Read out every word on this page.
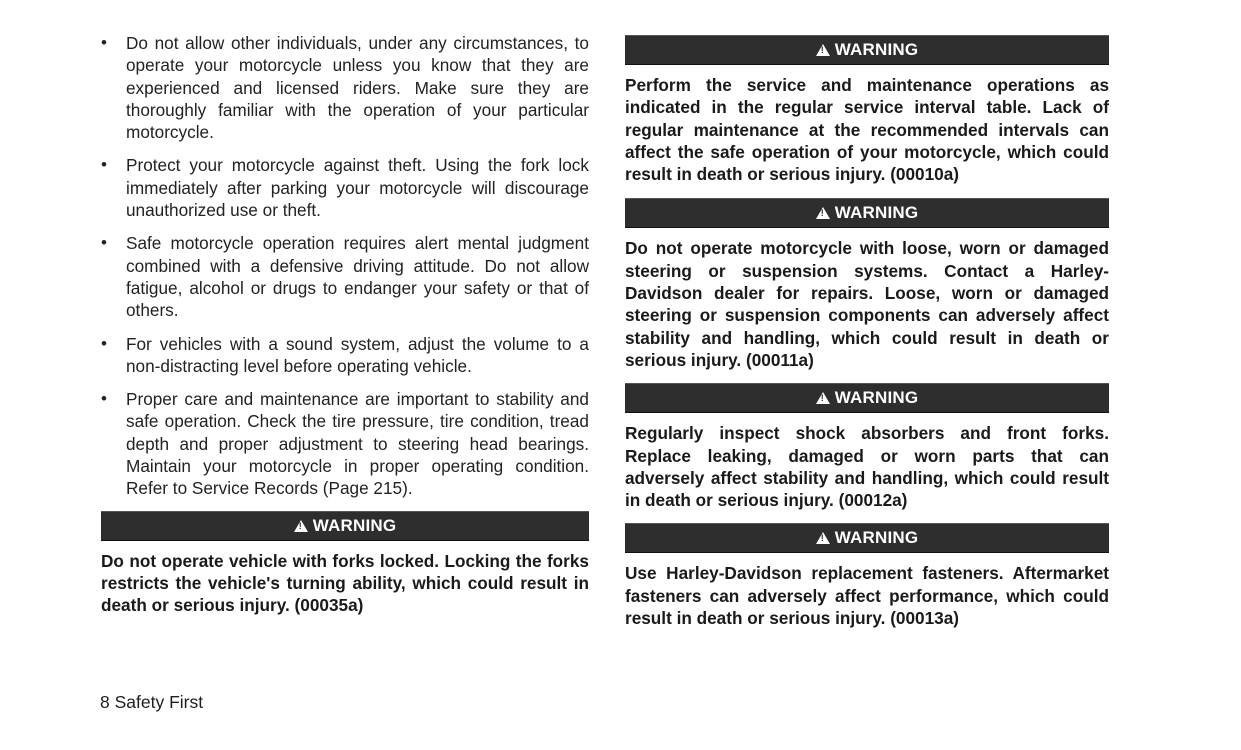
• Do not allow other individuals, under any circumstances, to operate your motorcycle unless you know that they are experienced and licensed riders. Make sure they are thoroughly familiar with the operation of your particular motorcycle.
• Protect your motorcycle against theft. Using the fork lock immediately after parking your motorcycle will discourage unauthorized use or theft.
• Safe motorcycle operation requires alert mental judgment combined with a defensive driving attitude. Do not allow fatigue, alcohol or drugs to endanger your safety or that of others.
• For vehicles with a sound system, adjust the volume to a non-distracting level before operating vehicle.
• Proper care and maintenance are important to stability and safe operation. Check the tire pressure, tire condition, tread depth and proper adjustment to steering head bearings. Maintain your motorcycle in proper operating condition. Refer to Service Records (Page 215).
!WARNING

Do not operate vehicle with forks locked. Locking the forks restricts the vehicle's turning ability, which could result in death or serious injury. (00035a)

!WARNING

Perform the service and maintenance operations as indicated in the regular service interval table. Lack of regular maintenance at the recommended intervals can affect the safe operation of your motorcycle, which could result in death or serious injury. (00010a)

!WARNING

Do not operate motorcycle with loose, worn or damaged steering or suspension systems. Contact a Harley-Davidson dealer for repairs. Loose, worn or damaged steering or suspension components can adversely affect stability and handling, which could result in death or serious injury. (00011a)

!WARNING

Regularly inspect shock absorbers and front forks. Replace leaking, damaged or worn parts that can adversely affect stability and handling, which could result in death or serious injury. (00012a)

!WARNING

Use Harley-Davidson replacement fasteners. Aftermarket fasteners can adversely affect performance, which could result in death or serious injury. (00013a)

8 Safety First
